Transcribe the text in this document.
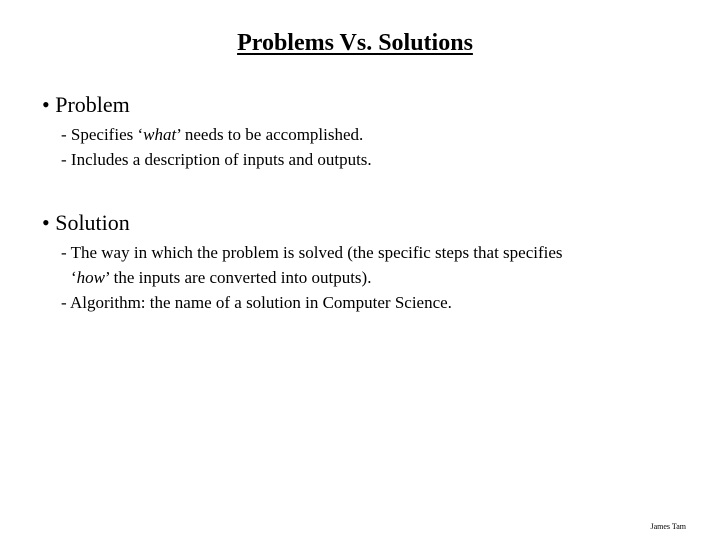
Problems Vs. Solutions
• Problem
- Specifies ‘what’ needs to be accomplished.
- Includes a description of inputs and outputs.
• Solution
- The way in which the problem is solved (the specific steps that specifies
‘how’ the inputs are converted into outputs).
- Algorithm: the name of a solution in Computer Science.
James Tam
